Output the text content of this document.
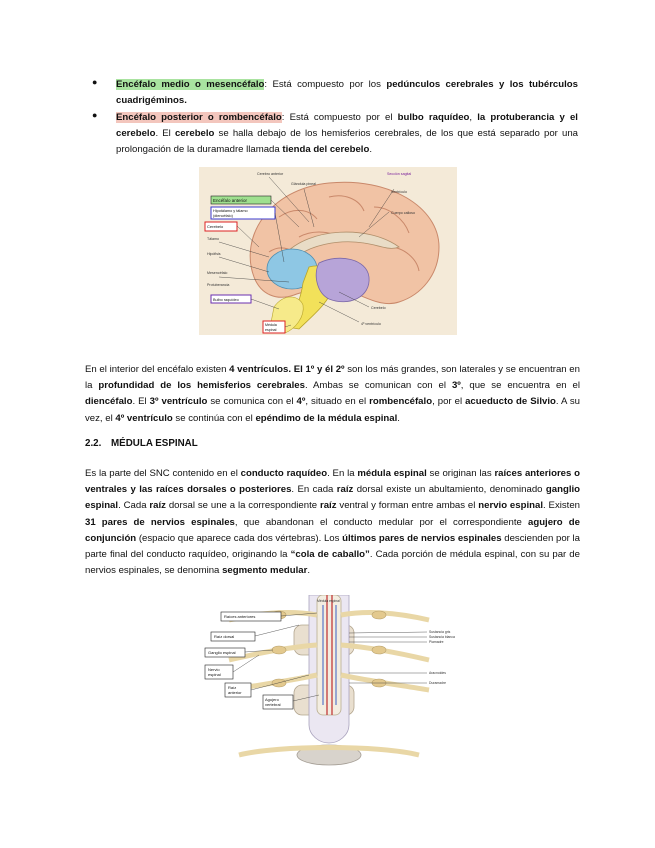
● Encéfalo medio o mesencéfalo: Está compuesto por los pedúnculos cerebrales y los tubérculos cuadrigéminos.

● Encéfalo posterior o rombencéfalo: Está compuesto por el bulbo raquídeo, la protuberancia y el cerebelo. El cerebelo se halla debajo de los hemisferios cerebrales, de los que está separado por una prolongación de la duramadre llamada tienda del cerebelo.

Encéfalo anterior
Hipotálamo y tálamo
(diencéfalo)
Cerebelo
Bulbo raquídeo
Médula
espinal
Cerebro anterior
Glándula pineal
Sección sagital
Ventrículo
Cuerpo calloso
Tálamo
Hipófisis
Mesencéfalo
Protuberancia
Cerebelo
4º ventrículo

En el interior del encéfalo existen 4 ventrículos. El 1º y él 2º son los más grandes, son laterales y se encuentran en la profundidad de los hemisferios cerebrales. Ambas se comunican con el 3º, que se encuentra en el diencéfalo. El 3º ventrículo se comunica con el 4º, situado en el rombencéfalo, por el acueducto de Silvio. A su vez, el 4º ventrículo se continúa con el epéndimo de la médula espinal.

2.2. MÉDULA ESPINAL

Es la parte del SNC contenido en el conducto raquídeo. En la médula espinal se originan las raíces anteriores o ventrales y las raíces dorsales o posteriores. En cada raíz dorsal existe un abultamiento, denominado ganglio espinal. Cada raíz dorsal se une a la correspondiente raíz ventral y forman entre ambas el nervio espinal. Existen 31 pares de nervios espinales, que abandonan el conducto medular por el correspondiente agujero de conjunción (espacio que aparece cada dos vértebras). Los últimos pares de nervios espinales descienden por la parte final del conducto raquídeo, originando la “cola de caballo”. Cada porción de médula espinal, con su par de nervios espinales, se denomina segmento medular.

Raíces anteriores
Raíz dorsal
Ganglio espinal
Nervio
espinal
Raíz
anterior
Agujero
vertebral
Médula espinal
Sustancia gris
Sustancia blanca
Piamadre
Aracnoides
Duramadre
